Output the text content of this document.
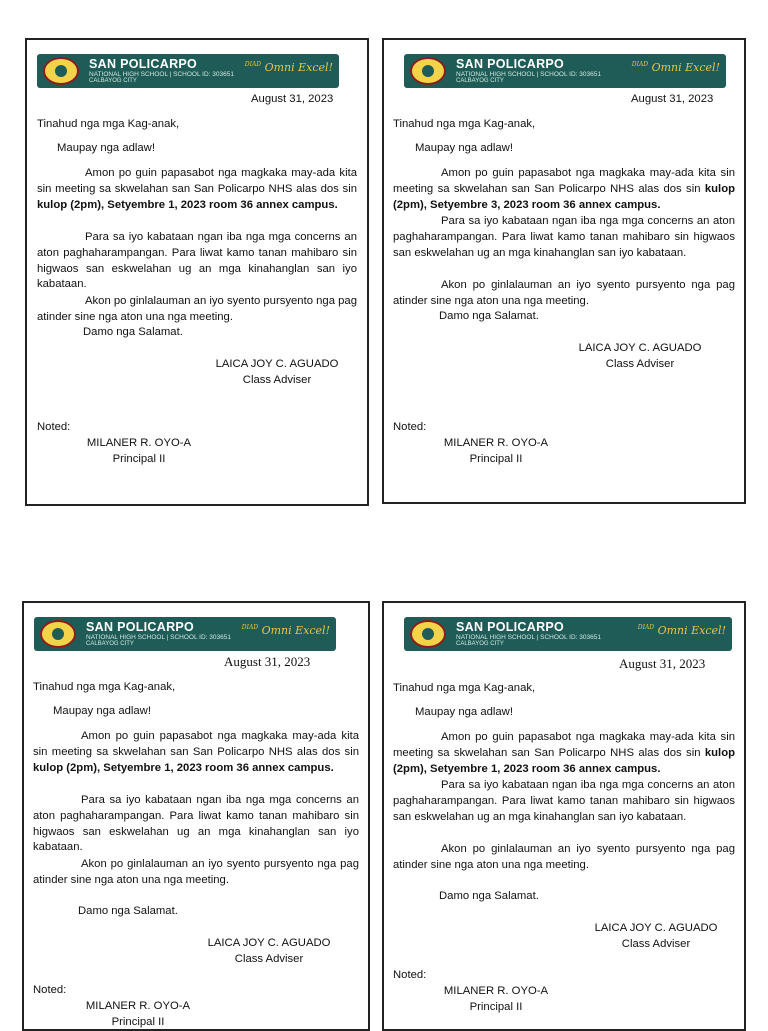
SAN POLICARPO
NATIONAL HIGH SCHOOL | SCHOOL ID: 303651
CALBAYOG CITY
$^{DIAD}$ Omni Excel!
August 31, 2023
Tinahud nga mga Kag-anak,
Maupay nga adlaw!
Amon po guin papasabot nga magkaka may-ada kita sin meeting sa skwelahan san San Policarpo NHS alas dos sin kulop (2pm), Setyembre 1, 2023 room 36 annex campus.
Para sa iyo kabataan ngan iba nga mga concerns an aton paghaharampangan. Para liwat kamo tanan mahibaro sin higwaos san eskwelahan ug an mga kinahanglan san iyo kabataan.
Akon po ginlalauman an iyo syento pursyento nga pag atinder sine nga aton una nga meeting.
Damo nga Salamat.
LAICA JOY C. AGUADO
Class Adviser
Noted:
MILANER R. OYO-A
Principal II
SAN POLICARPO
NATIONAL HIGH SCHOOL | SCHOOL ID: 303651
CALBAYOG CITY
$^{DIAD}$ Omni Excel!
August 31, 2023
Tinahud nga mga Kag-anak,
Maupay nga adlaw!
Amon po guin papasabot nga magkaka may-ada kita sin meeting sa skwelahan san San Policarpo NHS alas dos sin kulop (2pm), Setyembre 3, 2023 room 36 annex campus.
Para sa iyo kabataan ngan iba nga mga concerns an aton paghaharampangan. Para liwat kamo tanan mahibaro sin higwaos san eskwelahan ug an mga kinahanglan san iyo kabataan.
Akon po ginlalauman an iyo syento pursyento nga pag atinder sine nga aton una nga meeting.
Damo nga Salamat.
LAICA JOY C. AGUADO
Class Adviser
Noted:
MILANER R. OYO-A
Principal II
SAN POLICARPO
NATIONAL HIGH SCHOOL | SCHOOL ID: 303651
CALBAYOG CITY
$^{DIAD}$ Omni Excel!
August 31, 2023
Tinahud nga mga Kag-anak,
Maupay nga adlaw!
Amon po guin papasabot nga magkaka may-ada kita sin meeting sa skwelahan san San Policarpo NHS alas dos sin kulop (2pm), Setyembre 1, 2023 room 36 annex campus.
Para sa iyo kabataan ngan iba nga mga concerns an aton paghaharampangan. Para liwat kamo tanan mahibaro sin higwaos san eskwelahan ug an mga kinahanglan san iyo kabataan.
Akon po ginlalauman an iyo syento pursyento nga pag atinder sine nga aton una nga meeting.
Damo nga Salamat.
LAICA JOY C. AGUADO
Class Adviser
Noted:
MILANER R. OYO-A
Principal II
SAN POLICARPO
NATIONAL HIGH SCHOOL | SCHOOL ID: 303651
CALBAYOG CITY
$^{DIAD}$ Omni Excel!
August 31, 2023
Tinahud nga mga Kag-anak,
Maupay nga adlaw!
Amon po guin papasabot nga magkaka may-ada kita sin meeting sa skwelahan san San Policarpo NHS alas dos sin kulop (2pm), Setyembre 1, 2023 room 36 annex campus.
Para sa iyo kabataan ngan iba nga mga concerns an aton paghaharampangan. Para liwat kamo tanan mahibaro sin higwaos san eskwelahan ug an mga kinahanglan san iyo kabataan.
Akon po ginlalauman an iyo syento pursyento nga pag atinder sine nga aton una nga meeting.
Damo nga Salamat.
LAICA JOY C. AGUADO
Class Adviser
Noted:
MILANER R. OYO-A
Principal II
